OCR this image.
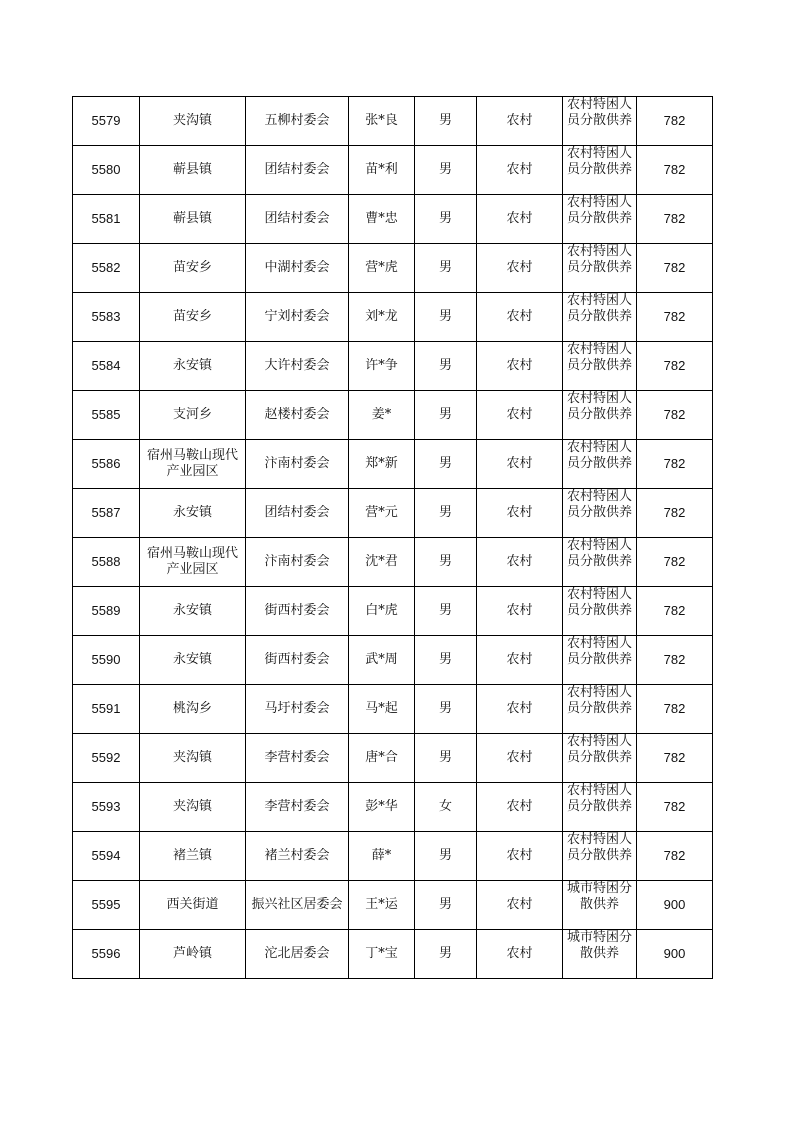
5579	夹沟镇	五柳村委会	张*良	男	农村	农村特困人员分散供养	782

5580	蕲县镇	团结村委会	苗*利	男	农村	农村特困人员分散供养	782

5581	蕲县镇	团结村委会	曹*忠	男	农村	农村特困人员分散供养	782

5582	苗安乡	中湖村委会	营*虎	男	农村	农村特困人员分散供养	782

5583	苗安乡	宁刘村委会	刘*龙	男	农村	农村特困人员分散供养	782

5584	永安镇	大许村委会	许*争	男	农村	农村特困人员分散供养	782

5585	支河乡	赵楼村委会	姜*	男	农村	农村特困人员分散供养	782

5586	宿州马鞍山现代产业园区	汴南村委会	郑*新	男	农村	农村特困人员分散供养	782

5587	永安镇	团结村委会	营*元	男	农村	农村特困人员分散供养	782

5588	宿州马鞍山现代产业园区	汴南村委会	沈*君	男	农村	农村特困人员分散供养	782

5589	永安镇	街西村委会	白*虎	男	农村	农村特困人员分散供养	782

5590	永安镇	街西村委会	武*周	男	农村	农村特困人员分散供养	782

5591	桃沟乡	马圩村委会	马*起	男	农村	农村特困人员分散供养	782

5592	夹沟镇	李营村委会	唐*合	男	农村	农村特困人员分散供养	782

5593	夹沟镇	李营村委会	彭*华	女	农村	农村特困人员分散供养	782

5594	褚兰镇	褚兰村委会	薛*	男	农村	农村特困人员分散供养	782

5595	西关街道	振兴社区居委会	王*运	男	农村	城市特困分散供养	900

5596	芦岭镇	沱北居委会	丁*宝	男	农村	城市特困分散供养	900
